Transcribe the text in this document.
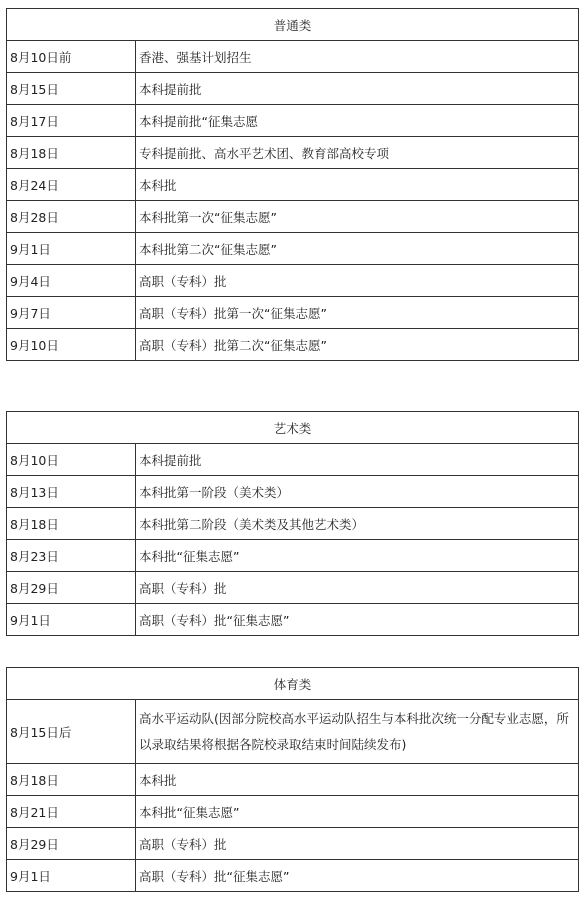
普通类	
8月10日前	香港、强基计划招生
8月15日	本科提前批
8月17日	本科提前批“征集志愿
8月18日	专科提前批、高水平艺术团、教育部高校专项
8月24日	本科批
8月28日	本科批第一次“征集志愿”
9月1日	本科批第二次“征集志愿”
9月4日	高职（专科）批
9月7日	高职（专科）批第一次“征集志愿”
9月10日	高职（专科）批第二次“征集志愿”
艺术类	
8月10日	本科提前批
8月13日	本科批第一阶段（美术类）
8月18日	本科批第二阶段（美术类及其他艺术类）
8月23日	本科批“征集志愿”
8月29日	高职（专科）批
9月1日	高职（专科）批“征集志愿”
体育类	
8月15日后	高水平运动队(因部分院校高水平运动队招生与本科批次统一分配专业志愿，所以录取结果将根据各院校录取结束时间陆续发布)
8月18日	本科批
8月21日	本科批“征集志愿”
8月29日	高职（专科）批
9月1日	高职（专科）批“征集志愿”
